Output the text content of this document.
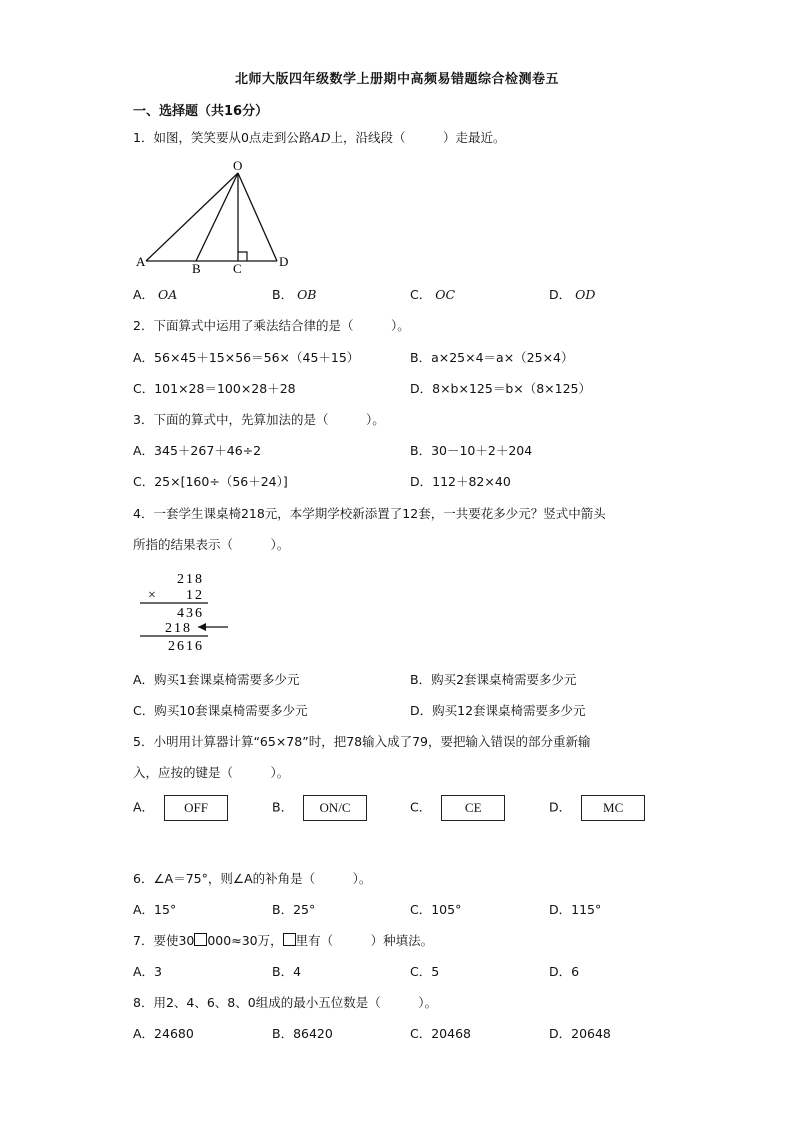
北师大版四年级数学上册期中高频易错题综合检测卷五
一、选择题（共16分）
1．如图，笑笑要从0点走到公路AD上，沿线段（　　　）走最近。
O
A	B C	D
A． OA	B． OB	C． OC	D． OD
2．下面算式中运用了乘法结合律的是（　　　）。
A．56×45＋15×56＝56×（45＋15）	B．a×25×4＝a×（25×4）
C．101×28＝100×28＋28	D．8×b×125＝b×（8×125）
3．下面的算式中，先算加法的是（　　　）。
A．345＋267＋46÷2	B．30－10＋2＋204
C．25×[160÷（56＋24）]	D．112＋82×40
4．一套学生课桌椅218元，本学期学校新添置了12套，一共要花多少元？竖式中箭头
所指的结果表示（　　　）。
218
× 12
436
218
2616
A．购买1套课桌椅需要多少元	B．购买2套课桌椅需要多少元
C．购买10套课桌椅需要多少元	D．购买12套课桌椅需要多少元
5．小明用计算器计算“65×78”时，把78输入成了79，要把输入错误的部分重新输
入，应按的键是（　　　）。
A． OFF	B． ON/C	C．	CE	D． MC
6．∠A＝75°，则∠A的补角是（　　　）。
A．15°	B．25°	C．105°	D．115°
7．要使30 000≈30万， 里有（　　　）种填法。
A．3	B．4	C．5	D．6
8．用2、4、6、8、0组成的最小五位数是（　　　）。
A．24680	B．86420	C．20468	D．20648
